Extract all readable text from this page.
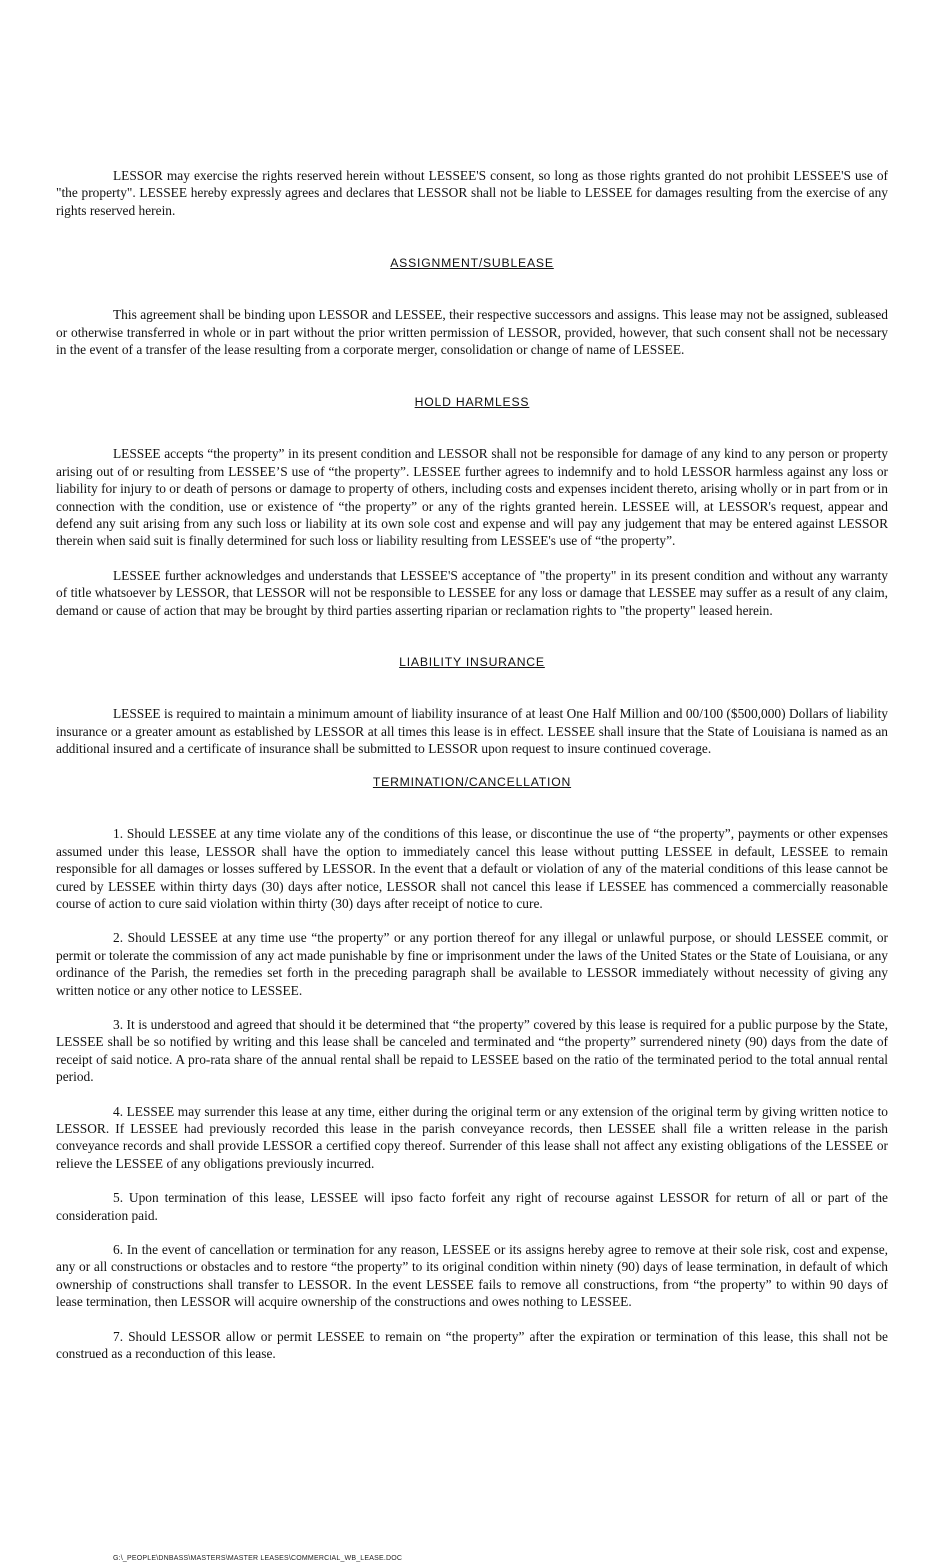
LESSOR may exercise the rights reserved herein without LESSEE'S consent, so long as those rights granted do not prohibit LESSEE'S use of "the property". LESSEE hereby expressly agrees and declares that LESSOR shall not be liable to LESSEE for damages resulting from the exercise of any rights reserved herein.

ASSIGNMENT/SUBLEASE

This agreement shall be binding upon LESSOR and LESSEE, their respective successors and assigns. This lease may not be assigned, subleased or otherwise transferred in whole or in part without the prior written permission of LESSOR, provided, however, that such consent shall not be necessary in the event of a transfer of the lease resulting from a corporate merger, consolidation or change of name of LESSEE.

HOLD HARMLESS

LESSEE accepts “the property” in its present condition and LESSOR shall not be responsible for damage of any kind to any person or property arising out of or resulting from LESSEE’S use of “the property”. LESSEE further agrees to indemnify and to hold LESSOR harmless against any loss or liability for injury to or death of persons or damage to property of others, including costs and expenses incident thereto, arising wholly or in part from or in connection with the condition, use or existence of “the property” or any of the rights granted herein. LESSEE will, at LESSOR's request, appear and defend any suit arising from any such loss or liability at its own sole cost and expense and will pay any judgement that may be entered against LESSOR therein when said suit is finally determined for such loss or liability resulting from LESSEE's use of “the property”.

LESSEE further acknowledges and understands that LESSEE'S acceptance of "the property" in its present condition and without any warranty of title whatsoever by LESSOR, that LESSOR will not be responsible to LESSEE for any loss or damage that LESSEE may suffer as a result of any claim, demand or cause of action that may be brought by third parties asserting riparian or reclamation rights to "the property" leased herein.

LIABILITY INSURANCE

LESSEE is required to maintain a minimum amount of liability insurance of at least One Half Million and 00/100 ($500,000) Dollars of liability insurance or a greater amount as established by LESSOR at all times this lease is in effect. LESSEE shall insure that the State of Louisiana is named as an additional insured and a certificate of insurance shall be submitted to LESSOR upon request to insure continued coverage.

TERMINATION/CANCELLATION

1. Should LESSEE at any time violate any of the conditions of this lease, or discontinue the use of “the property”, payments or other expenses assumed under this lease, LESSOR shall have the option to immediately cancel this lease without putting LESSEE in default, LESSEE to remain responsible for all damages or losses suffered by LESSOR. In the event that a default or violation of any of the material conditions of this lease cannot be cured by LESSEE within thirty days (30) days after notice, LESSOR shall not cancel this lease if LESSEE has commenced a commercially reasonable course of action to cure said violation within thirty (30) days after receipt of notice to cure.

2. Should LESSEE at any time use “the property” or any portion thereof for any illegal or unlawful purpose, or should LESSEE commit, or permit or tolerate the commission of any act made punishable by fine or imprisonment under the laws of the United States or the State of Louisiana, or any ordinance of the Parish, the remedies set forth in the preceding paragraph shall be available to LESSOR immediately without necessity of giving any written notice or any other notice to LESSEE.

3. It is understood and agreed that should it be determined that “the property” covered by this lease is required for a public purpose by the State, LESSEE shall be so notified by writing and this lease shall be canceled and terminated and “the property” surrendered ninety (90) days from the date of receipt of said notice. A pro-rata share of the annual rental shall be repaid to LESSEE based on the ratio of the terminated period to the total annual rental period.

4. LESSEE may surrender this lease at any time, either during the original term or any extension of the original term by giving written notice to LESSOR. If LESSEE had previously recorded this lease in the parish conveyance records, then LESSEE shall file a written release in the parish conveyance records and shall provide LESSOR a certified copy thereof. Surrender of this lease shall not affect any existing obligations of the LESSEE or relieve the LESSEE of any obligations previously incurred.

5. Upon termination of this lease, LESSEE will ipso facto forfeit any right of recourse against LESSOR for return of all or part of the consideration paid.

6. In the event of cancellation or termination for any reason, LESSEE or its assigns hereby agree to remove at their sole risk, cost and expense, any or all constructions or obstacles and to restore “the property” to its original condition within ninety (90) days of lease termination, in default of which ownership of constructions shall transfer to LESSOR. In the event LESSEE fails to remove all constructions, from “the property” to within 90 days of lease termination, then LESSOR will acquire ownership of the constructions and owes nothing to LESSEE.

7. Should LESSOR allow or permit LESSEE to remain on “the property” after the expiration or termination of this lease, this shall not be construed as a reconduction of this lease.

G:\_PEOPLE\DNBASS\MASTERS\MASTER LEASES\COMMERCIAL_WB_LEASE.DOC
